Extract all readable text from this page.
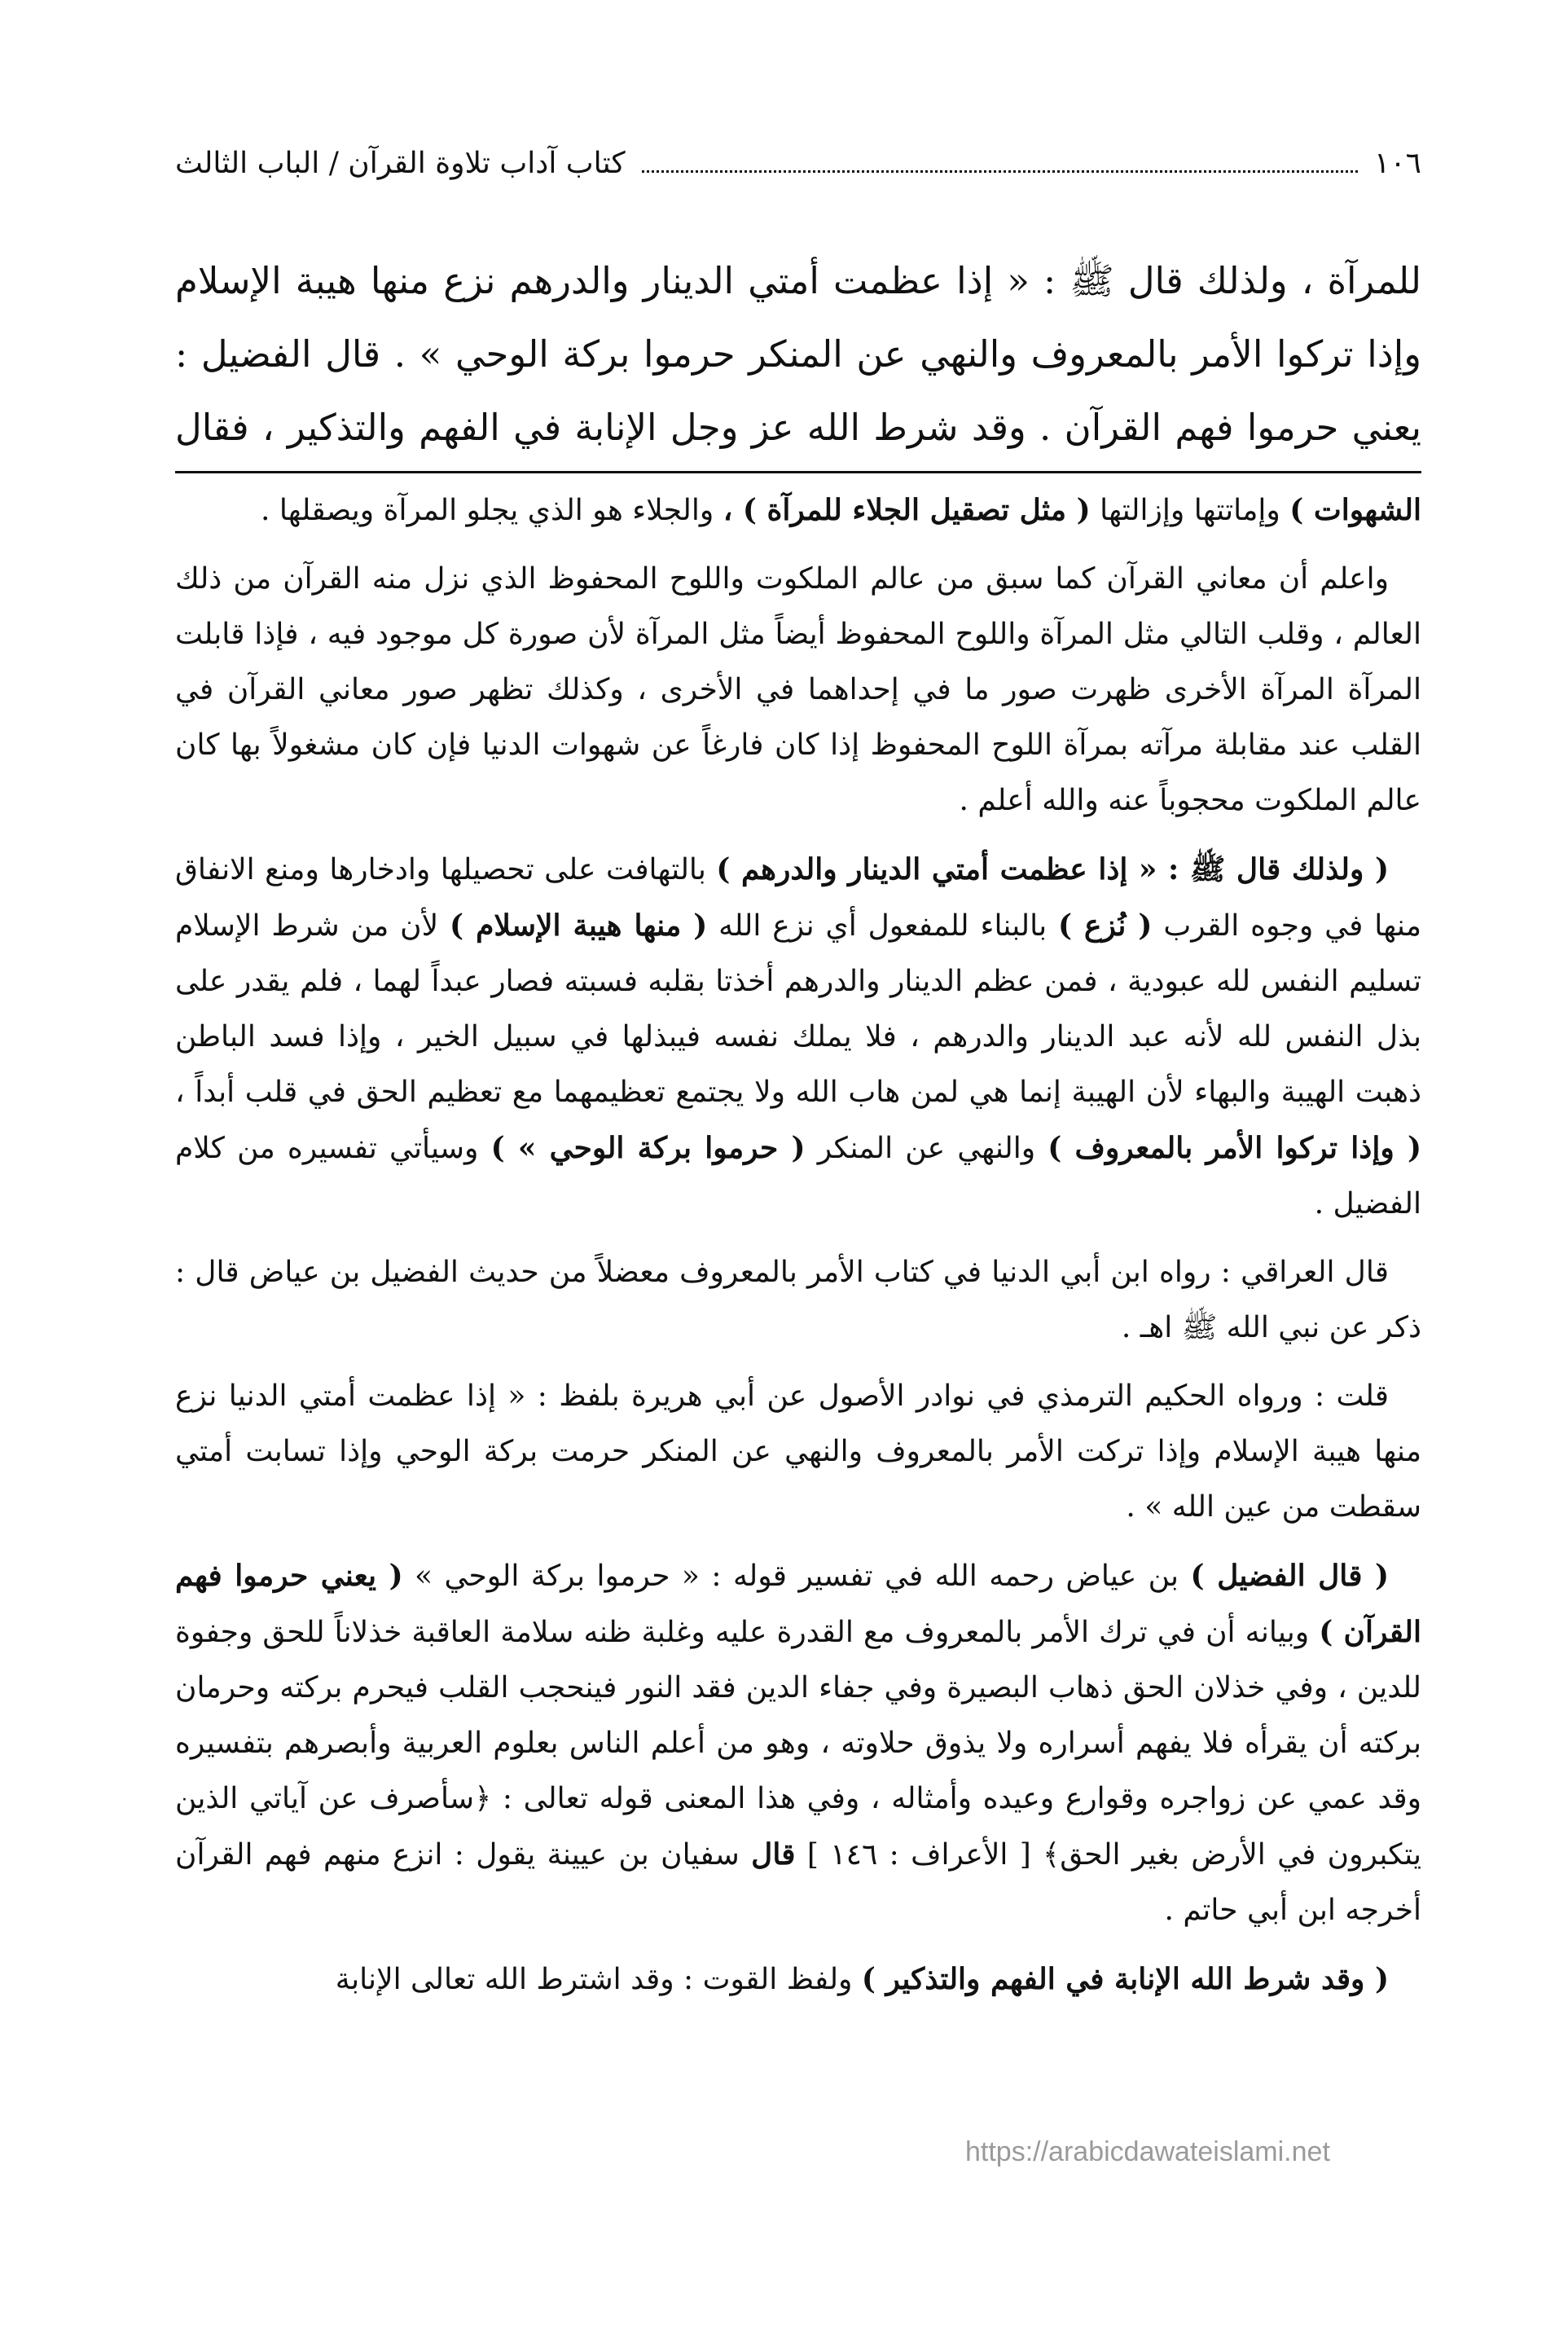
كتاب آداب تلاوة القرآن / الباب الثالث	١٠٦
للمرآة ، ولذلك قال ﷺ : « إذا عظمت أمتي الدينار والدرهم نزع منها هيبة الإسلام وإذا تركوا الأمر بالمعروف والنهي عن المنكر حرموا بركة الوحي » . قال الفضيل : يعني حرموا فهم القرآن . وقد شرط الله عز وجل الإنابة في الفهم والتذكير ، فقال

الشهوات ) وإماتتها وإزالتها ( مثل تصقيل الجلاء للمرآة ) ، والجلاء هو الذي يجلو المرآة ويصقلها .

واعلم أن معاني القرآن كما سبق من عالم الملكوت واللوح المحفوظ الذي نزل منه القرآن من ذلك العالم ، وقلب التالي مثل المرآة واللوح المحفوظ أيضاً مثل المرآة لأن صورة كل موجود فيه ، فإذا قابلت المرآة المرآة الأخرى ظهرت صور ما في إحداهما في الأخرى ، وكذلك تظهر صور معاني القرآن في القلب عند مقابلة مرآته بمرآة اللوح المحفوظ إذا كان فارغاً عن شهوات الدنيا فإن كان مشغولاً بها كان عالم الملكوت محجوباً عنه والله أعلم .

( ولذلك قال ﷺ : « إذا عظمت أمتي الدينار والدرهم ) بالتهافت على تحصيلها وادخارها ومنع الانفاق منها في وجوه القرب ( نُزع ) بالبناء للمفعول أي نزع الله ( منها هيبة الإسلام ) لأن من شرط الإسلام تسليم النفس لله عبودية ، فمن عظم الدينار والدرهم أخذتا بقلبه فسبته فصار عبداً لهما ، فلم يقدر على بذل النفس لله لأنه عبد الدينار والدرهم ، فلا يملك نفسه فيبذلها في سبيل الخير ، وإذا فسد الباطن ذهبت الهيبة والبهاء لأن الهيبة إنما هي لمن هاب الله ولا يجتمع تعظيمهما مع تعظيم الحق في قلب أبداً ، ( وإذا تركوا الأمر بالمعروف ) والنهي عن المنكر ( حرموا بركة الوحي » ) وسيأتي تفسيره من كلام الفضيل .

قال العراقي : رواه ابن أبي الدنيا في كتاب الأمر بالمعروف معضلاً من حديث الفضيل بن عياض قال : ذكر عن نبي الله ﷺ اهـ .

قلت : ورواه الحكيم الترمذي في نوادر الأصول عن أبي هريرة بلفظ : « إذا عظمت أمتي الدنيا نزع منها هيبة الإسلام وإذا تركت الأمر بالمعروف والنهي عن المنكر حرمت بركة الوحي وإذا تسابت أمتي سقطت من عين الله » .

( قال الفضيل ) بن عياض رحمه الله في تفسير قوله : « حرموا بركة الوحي » ( يعني حرموا فهم القرآن ) وبيانه أن في ترك الأمر بالمعروف مع القدرة عليه وغلبة ظنه سلامة العاقبة خذلاناً للحق وجفوة للدين ، وفي خذلان الحق ذهاب البصيرة وفي جفاء الدين فقد النور فينحجب القلب فيحرم بركته وحرمان بركته أن يقرأه فلا يفهم أسراره ولا يذوق حلاوته ، وهو من أعلم الناس بعلوم العربية وأبصرهم بتفسيره وقد عمي عن زواجره وقوارع وعيده وأمثاله ، وفي هذا المعنى قوله تعالى : ﴿سأصرف عن آياتي الذين يتكبرون في الأرض بغير الحق﴾ [ الأعراف : ١٤٦ ] قال سفيان بن عيينة يقول : انزع منهم فهم القرآن أخرجه ابن أبي حاتم .

( وقد شرط الله الإنابة في الفهم والتذكير ) ولفظ القوت : وقد اشترط الله تعالى الإنابة

https://arabicdawateislami.net
